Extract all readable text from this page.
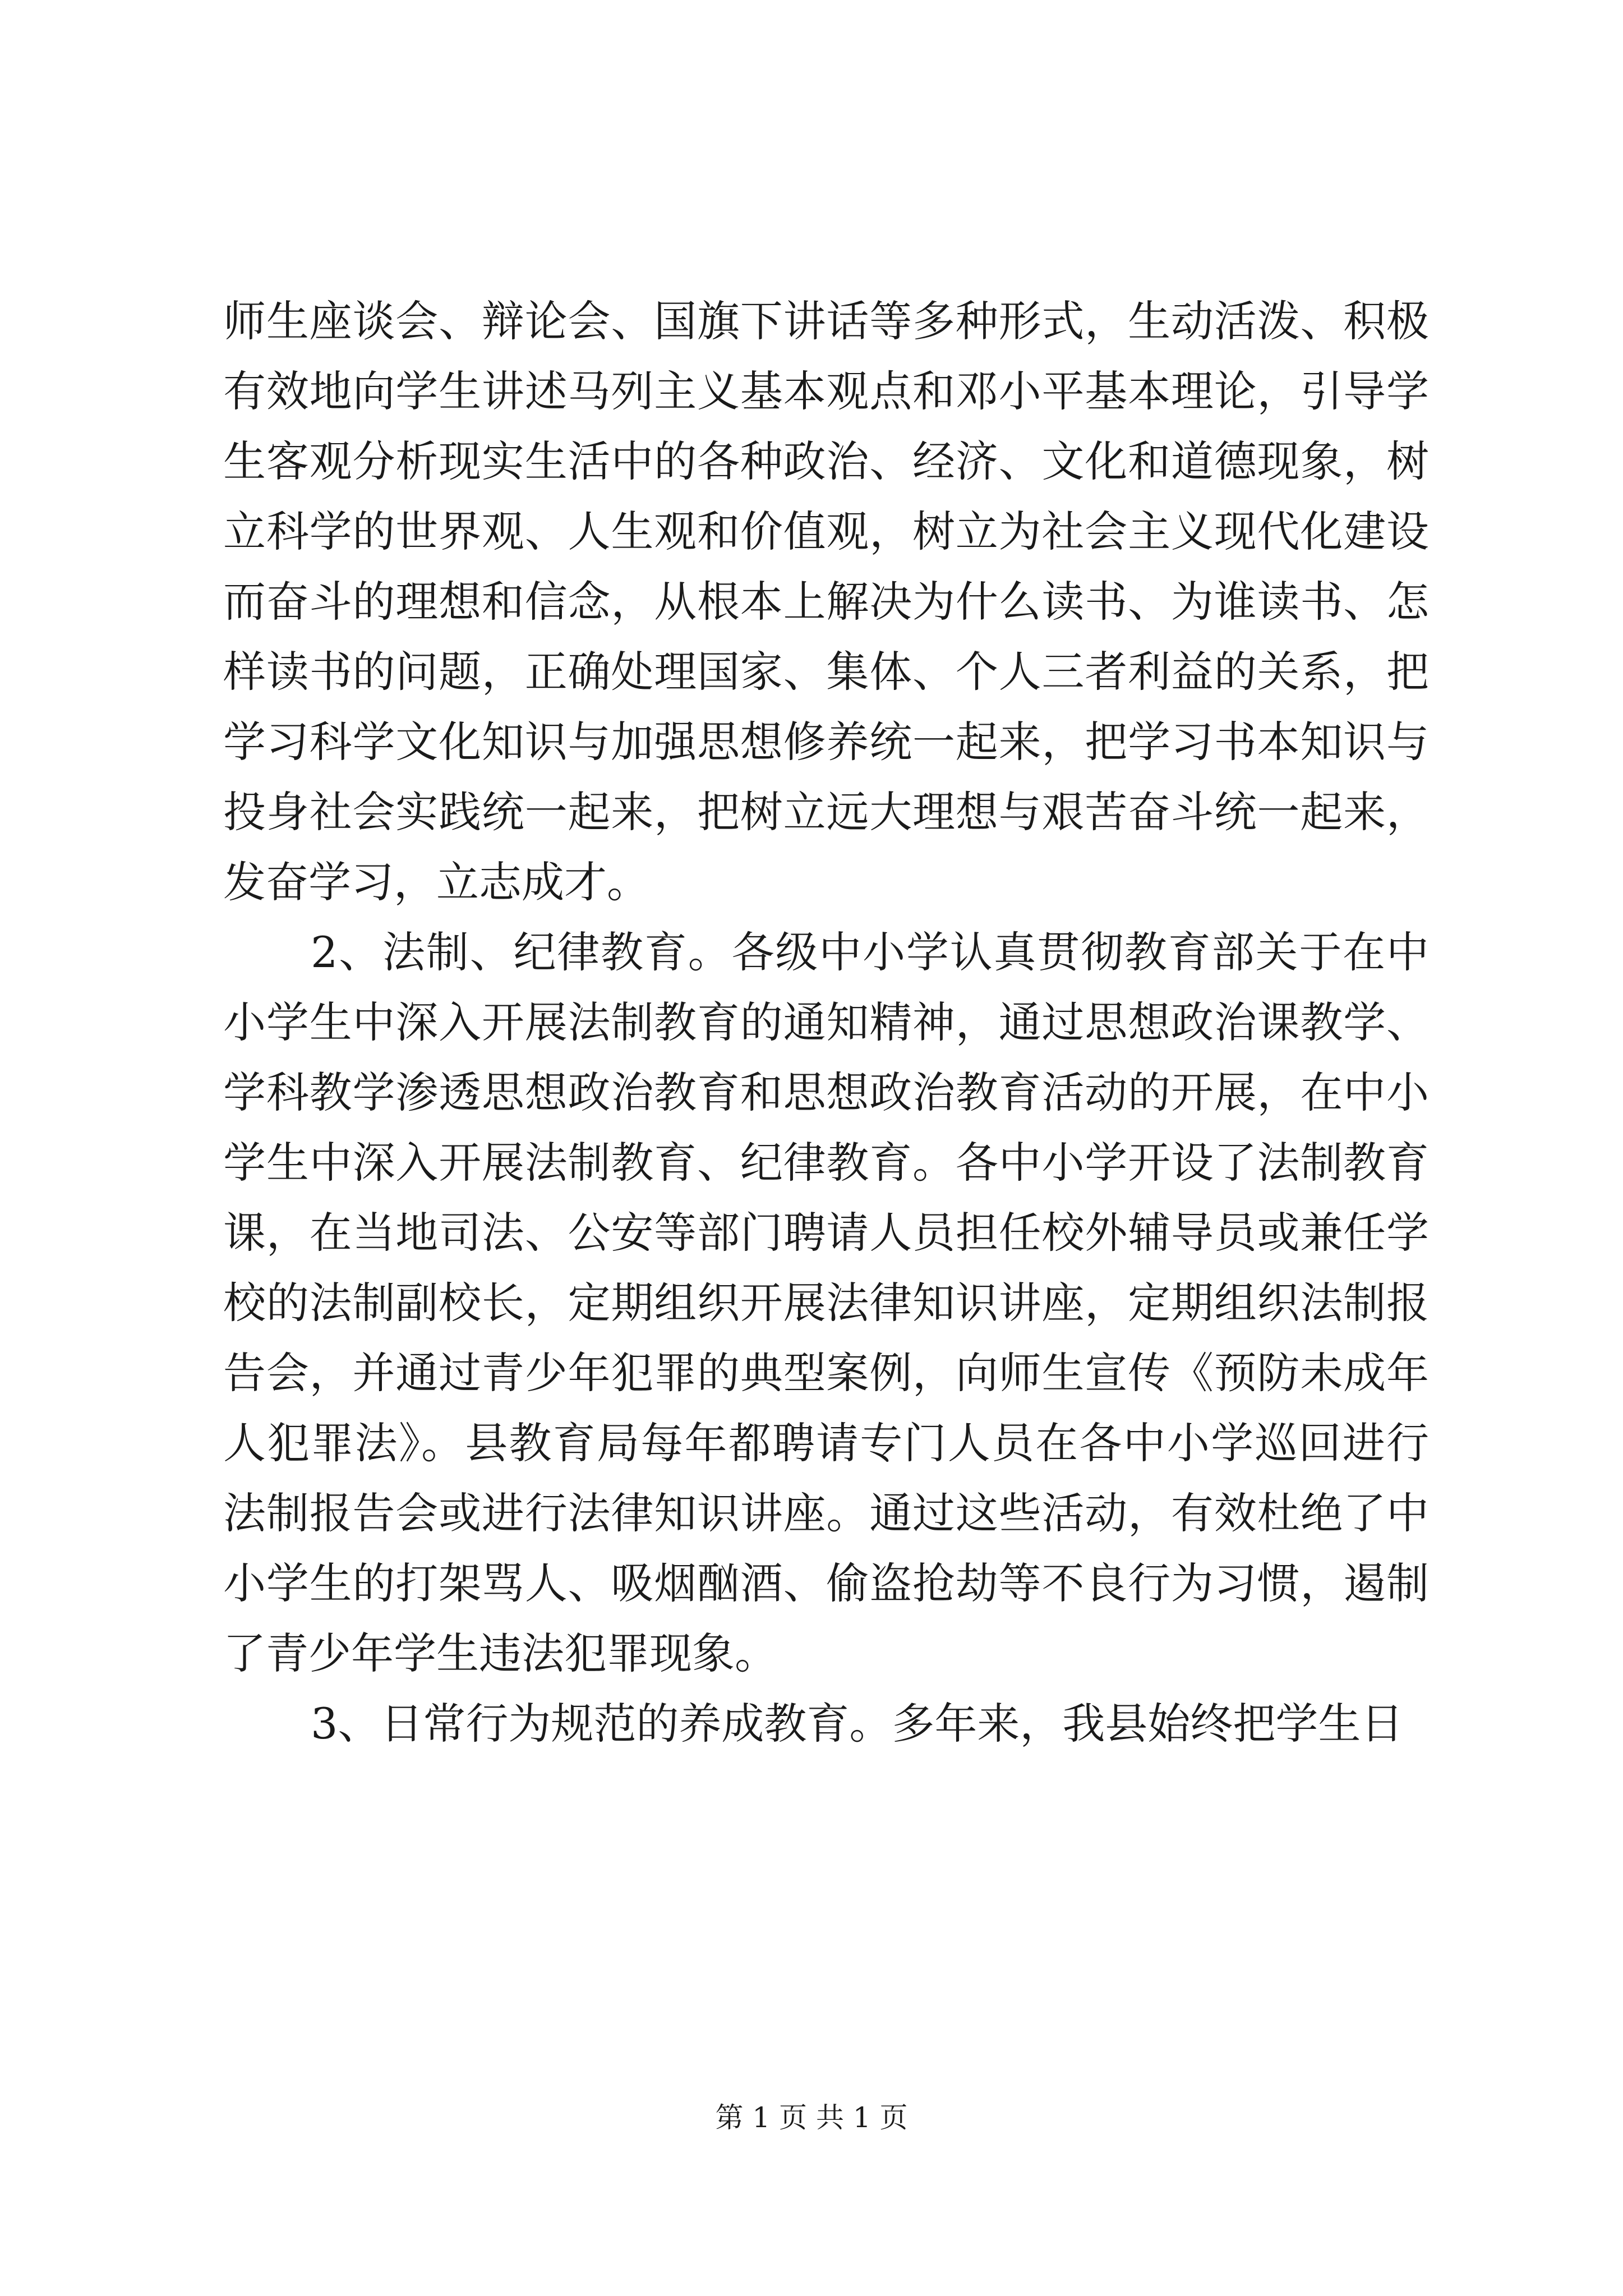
师生座谈会、辩论会、国旗下讲话等多种形式，生动活泼、积极有效地向学生讲述马列主义基本观点和邓小平基本理论，引导学生客观分析现实生活中的各种政治、经济、文化和道德现象，树立科学的世界观、人生观和价值观，树立为社会主义现代化建设而奋斗的理想和信念，从根本上解决为什么读书、为谁读书、怎样读书的问题，正确处理国家、集体、个人三者利益的关系，把学习科学文化知识与加强思想修养统一起来，把学习书本知识与投身社会实践统一起来，把树立远大理想与艰苦奋斗统一起来，发奋学习，立志成才。

2、法制、纪律教育。各级中小学认真贯彻教育部关于在中小学生中深入开展法制教育的通知精神，通过思想政治课教学、学科教学渗透思想政治教育和思想政治教育活动的开展，在中小学生中深入开展法制教育、纪律教育。各中小学开设了法制教育课，在当地司法、公安等部门聘请人员担任校外辅导员或兼任学校的法制副校长，定期组织开展法律知识讲座，定期组织法制报告会，并通过青少年犯罪的典型案例，向师生宣传《预防未成年人犯罪法》。县教育局每年都聘请专门人员在各中小学巡回进行法制报告会或进行法律知识讲座。通过这些活动，有效杜绝了中小学生的打架骂人、吸烟酗酒、偷盗抢劫等不良行为习惯，遏制了青少年学生违法犯罪现象。

3、日常行为规范的养成教育。多年来，我县始终把学生日

第 1 页 共 1 页
